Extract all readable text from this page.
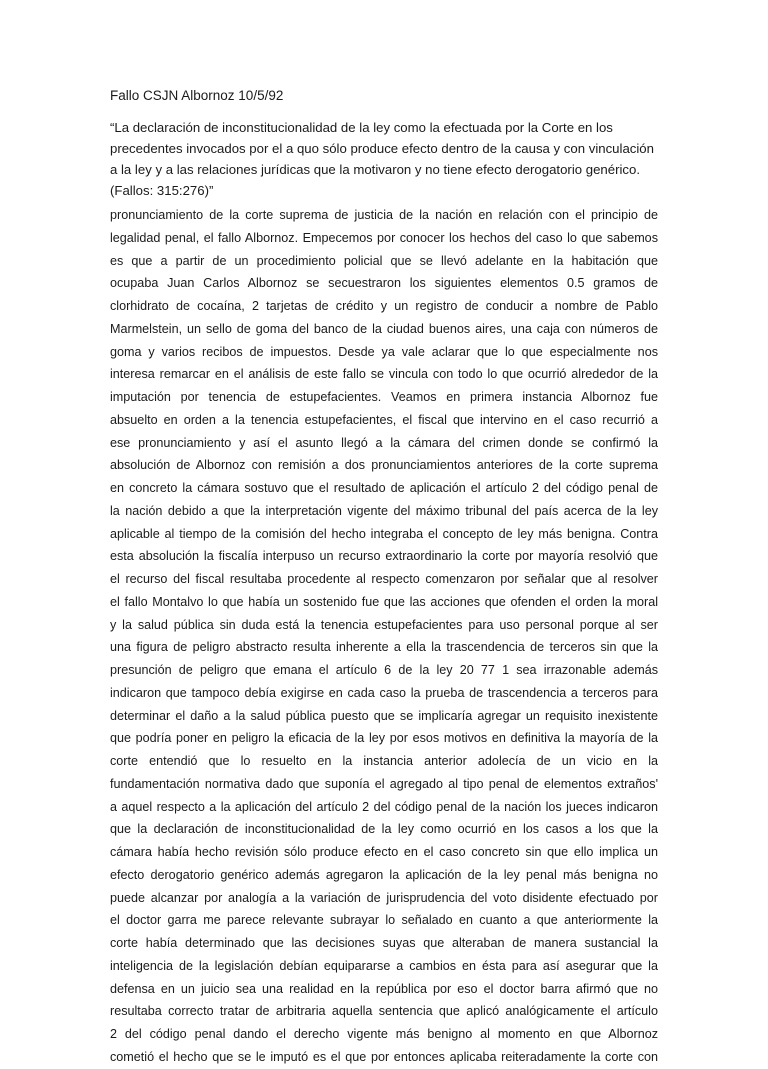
Fallo CSJN Albornoz 10/5/92
“La declaración de inconstitucionalidad de la ley como la efectuada por la Corte en los
precedentes invocados por el a quo sólo produce efecto dentro de la causa y con vinculación
a la ley y a las relaciones jurídicas que la motivaron y no tiene efecto derogatorio genérico.
(Fallos: 315:276)”
pronunciamiento de la corte suprema de justicia de la nación en relación con el principio de
legalidad penal, el fallo Albornoz. Empecemos por conocer los hechos del caso lo que sabemos
es que a partir de un procedimiento policial que se llevó adelante en la habitación que
ocupaba Juan Carlos Albornoz se secuestraron los siguientes elementos 0.5 gramos de
clorhidrato de cocaína, 2 tarjetas de crédito y un registro de conducir a nombre de Pablo
Marmelstein, un sello de goma del banco de la ciudad buenos aires, una caja con números de
goma y varios recibos de impuestos. Desde ya vale aclarar que lo que especialmente nos
interesa remarcar en el análisis de este fallo se vincula con todo lo que ocurrió alrededor de la
imputación por tenencia de estupefacientes. Veamos en primera instancia Albornoz fue
absuelto en orden a la tenencia estupefacientes, el fiscal que intervino en el caso recurrió a
ese pronunciamiento y así el asunto llegó a la cámara del crimen donde se confirmó la
absolución de Albornoz con remisión a dos pronunciamientos anteriores de la corte suprema
en concreto la cámara sostuvo que el resultado de aplicación el artículo 2 del código penal de
la nación debido a que la interpretación vigente del máximo tribunal del país acerca de la ley
aplicable al tiempo de la comisión del hecho integraba el concepto de ley más benigna. Contra
esta absolución la fiscalía interpuso un recurso extraordinario la corte por mayoría resolvió que
el recurso del fiscal resultaba procedente al respecto comenzaron por señalar que al resolver
el fallo Montalvo lo que había un sostenido fue que las acciones que ofenden el orden la moral
y la salud pública sin duda está la tenencia estupefacientes para uso personal porque al ser
una figura de peligro abstracto resulta inherente a ella la trascendencia de terceros sin que la
presunción de peligro que emana el artículo 6 de la ley 20 77 1 sea irrazonable además
indicaron que tampoco debía exigirse en cada caso la prueba de trascendencia a terceros para
determinar el daño a la salud pública puesto que se implicaría agregar un requisito inexistente
que podría poner en peligro la eficacia de la ley por esos motivos en definitiva la mayoría de la
corte entendió que lo resuelto en la instancia anterior adolecía de un vicio en la
fundamentación normativa dado que suponía el agregado al tipo penal de elementos extraños'
a aquel respecto a la aplicación del artículo 2 del código penal de la nación los jueces indicaron
que la declaración de inconstitucionalidad de la ley como ocurrió en los casos a los que la
cámara había hecho revisión sólo produce efecto en el caso concreto sin que ello implica un
efecto derogatorio genérico además agregaron la aplicación de la ley penal más benigna no
puede alcanzar por analogía a la variación de jurisprudencia del voto disidente efectuado por
el doctor garra me parece relevante subrayar lo señalado en cuanto a que anteriormente la
corte había determinado que las decisiones suyas que alteraban de manera sustancial la
inteligencia de la legislación debían equipararse a cambios en ésta para así asegurar que la
defensa en un juicio sea una realidad en la república por eso el doctor barra afirmó que no
resultaba correcto tratar de arbitraria aquella sentencia que aplicó analógicamente el artículo
2 del código penal dando el derecho vigente más benigno al momento en que Albornoz
cometió el hecho que se le imputó es el que por entonces aplicaba reiteradamente la corte con
